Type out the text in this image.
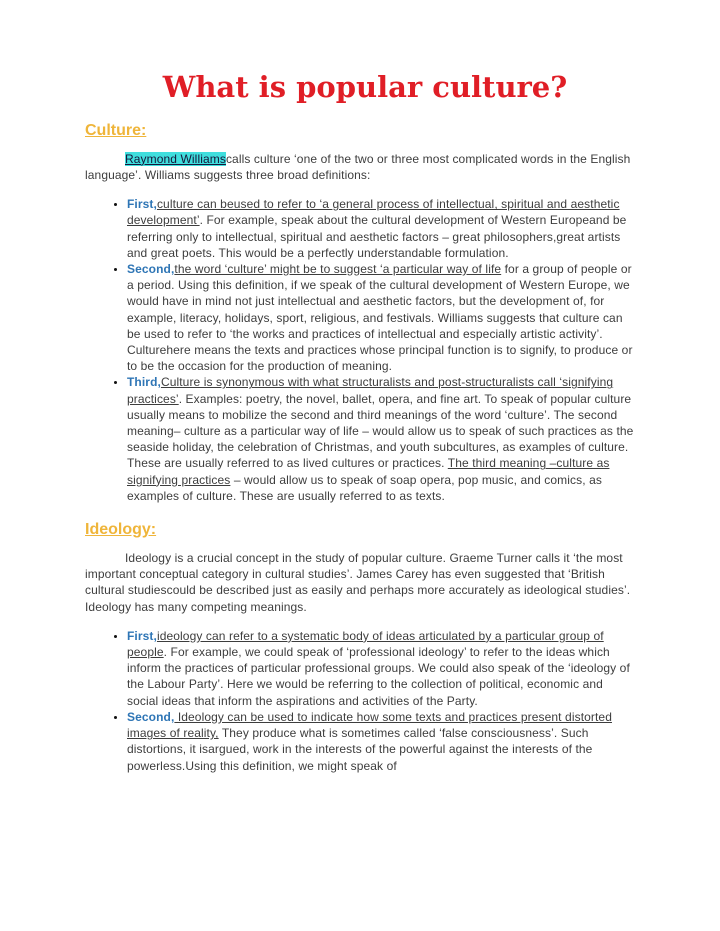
What is popular culture?
Culture:

Raymond Williamscalls culture ‘one of the two or three most complicated words in the English language’. Williams suggests three broad definitions:

• First,culture can beused to refer to ‘a general process of intellectual, spiritual and aesthetic development’. For example, speak about the cultural development of Western Europeand be referring only to intellectual, spiritual and aesthetic factors – great philosophers,great artists and great poets. This would be a perfectly understandable formulation.
• Second,the word ‘culture’ might be to suggest ‘a particular way of life for a group of people or a period. Using this definition, if we speak of the cultural development of Western Europe, we would have in mind not just intellectual and aesthetic factors, but the development of, for example, literacy, holidays, sport, religious, and festivals. Williams suggests that culture can be used to refer to ‘the works and practices of intellectual and especially artistic activity’. Culturehere means the texts and practices whose principal function is to signify, to produce or to be the occasion for the production of meaning.
• Third,Culture is synonymous with what structuralists and post-structuralists call ‘signifying practices’. Examples: poetry, the novel, ballet, opera, and fine art. To speak of popular culture usually means to mobilize the second and third meanings of the word ‘culture’. The second meaning– culture as a particular way of life – would allow us to speak of such practices as the seaside holiday, the celebration of Christmas, and youth subcultures, as examples of culture. These are usually referred to as lived cultures or practices. The third meaning –culture as signifying practices – would allow us to speak of soap opera, pop music, and comics, as examples of culture. These are usually referred to as texts.
Ideology:

Ideology is a crucial concept in the study of popular culture. Graeme Turner calls it ‘the most important conceptual category in cultural studies’. James Carey has even suggested that ‘British cultural studiescould be described just as easily and perhaps more accurately as ideological studies’. Ideology has many competing meanings.

• First,ideology can refer to a systematic body of ideas articulated by a particular group of people. For example, we could speak of ‘professional ideology’ to refer to the ideas which inform the practices of particular professional groups. We could also speak of the ‘ideology of the Labour Party’. Here we would be referring to the collection of political, economic and social ideas that inform the aspirations and activities of the Party.
• Second, Ideology can be used to indicate how some texts and practices present distorted images of reality, They produce what is sometimes called ‘false consciousness’. Such distortions, it isargued, work in the interests of the powerful against the interests of the powerless.Using this definition, we might speak of
